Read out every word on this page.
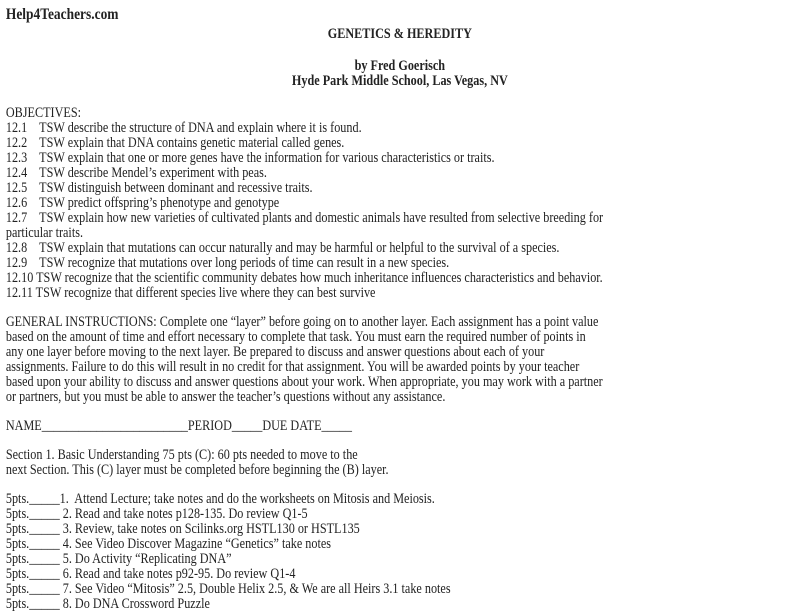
Help4Teachers.com
GENETICS & HEREDITY
by Fred Goerisch
Hyde Park Middle School, Las Vegas, NV
OBJECTIVES:
12.1    TSW describe the structure of DNA and explain where it is found.
12.2    TSW explain that DNA contains genetic material called genes.
12.3    TSW explain that one or more genes have the information for various characteristics or traits.
12.4    TSW describe Mendel’s experiment with peas.
12.5    TSW distinguish between dominant and recessive traits.
12.6    TSW predict offspring’s phenotype and genotype
12.7    TSW explain how new varieties of cultivated plants and domestic animals have resulted from selective breeding for
particular traits.
12.8    TSW explain that mutations can occur naturally and may be harmful or helpful to the survival of a species.
12.9    TSW recognize that mutations over long periods of time can result in a new species.
12.10 TSW recognize that the scientific community debates how much inheritance influences characteristics and behavior.
12.11 TSW recognize that different species live where they can best survive
GENERAL INSTRUCTIONS: Complete one “layer” before going on to another layer. Each assignment has a point value
based on the amount of time and effort necessary to complete that task. You must earn the required number of points in
any one layer before moving to the next layer. Be prepared to discuss and answer questions about each of your
assignments. Failure to do this will result in no credit for that assignment. You will be awarded points by your teacher
based upon your ability to discuss and answer questions about your work. When appropriate, you may work with a partner
or partners, but you must be able to answer the teacher’s questions without any assistance.
NAME________________________PERIOD_____DUE DATE_____
Section 1. Basic Understanding 75 pts (C): 60 pts needed to move to the
next Section. This (C) layer must be completed before beginning the (B) layer.
5pts._____1.  Attend Lecture; take notes and do the worksheets on Mitosis and Meiosis.
5pts._____ 2. Read and take notes p128-135. Do review Q1-5
5pts._____ 3. Review, take notes on Scilinks.org HSTL130 or HSTL135
5pts._____ 4. See Video Discover Magazine “Genetics” take notes
5pts._____ 5. Do Activity “Replicating DNA”
5pts._____ 6. Read and take notes p92-95. Do review Q1-4
5pts._____ 7. See Video “Mitosis” 2.5, Double Helix 2.5, & We are all Heirs 3.1 take notes
5pts._____ 8. Do DNA Crossword Puzzle
